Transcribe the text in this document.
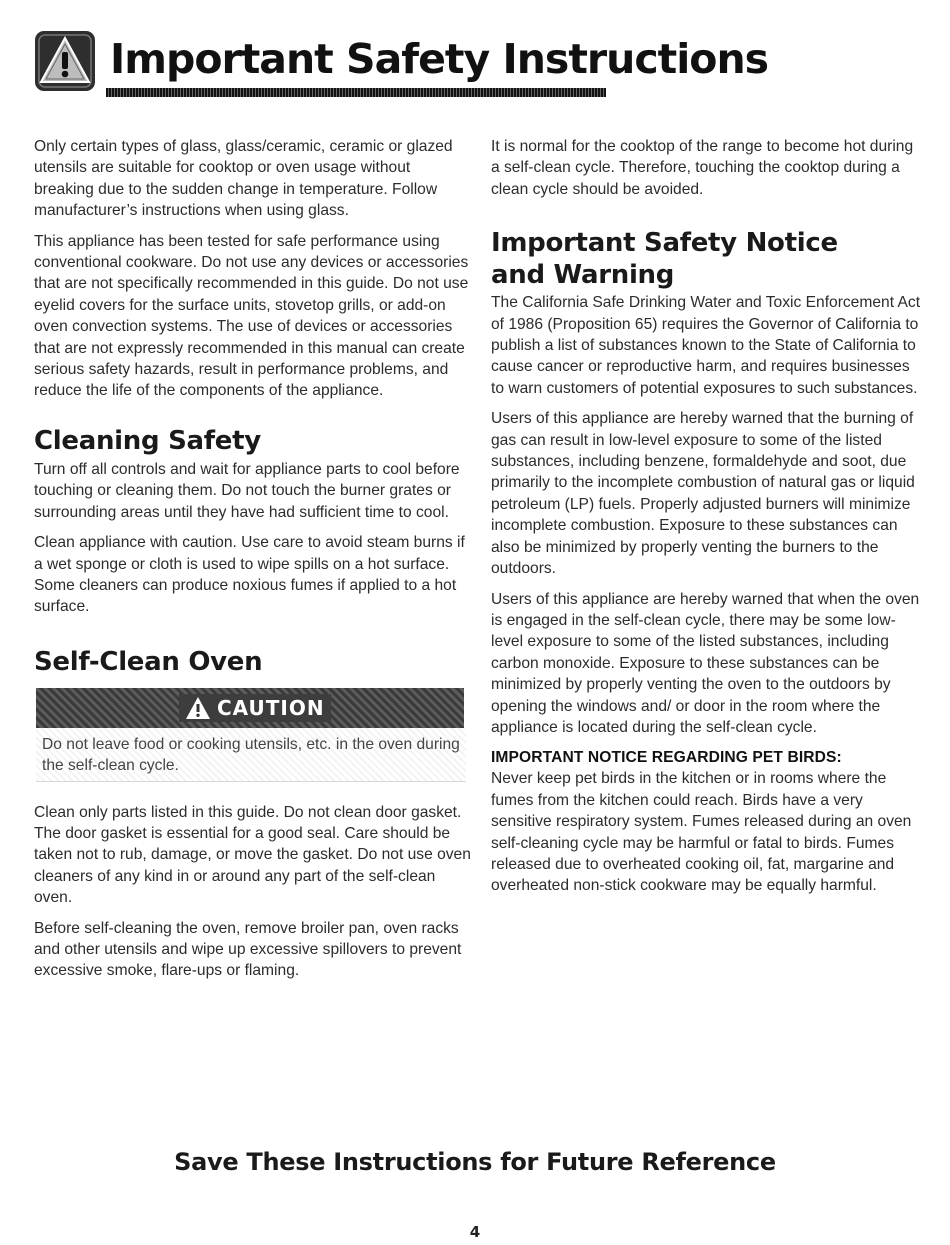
Important Safety Instructions

Only certain types of glass, glass/ceramic, ceramic or glazed utensils are suitable for cooktop or oven usage without breaking due to the sudden change in temperature. Follow manufacturer’s instructions when using glass.

This appliance has been tested for safe performance using conventional cookware. Do not use any devices or accessories that are not specifically recommended in this guide. Do not use eyelid covers for the surface units, stovetop grills, or add-on oven convection systems. The use of devices or accessories that are not expressly recommended in this manual can create serious safety hazards, result in performance problems, and reduce the life of the components of the appliance.

Cleaning Safety

Turn off all controls and wait for appliance parts to cool before touching or cleaning them. Do not touch the burner grates or surrounding areas until they have had sufficient time to cool.

Clean appliance with caution. Use care to avoid steam burns if a wet sponge or cloth is used to wipe spills on a hot surface. Some cleaners can produce noxious fumes if applied to a hot surface.

Self-Clean Oven
CAUTION

Do not leave food or cooking utensils, etc. in the oven during the self-clean cycle.

Clean only parts listed in this guide. Do not clean door gasket. The door gasket is essential for a good seal. Care should be taken not to rub, damage, or move the gasket. Do not use oven cleaners of any kind in or around any part of the self-clean oven.

Before self-cleaning the oven, remove broiler pan, oven racks and other utensils and wipe up excessive spillovers to prevent excessive smoke, flare-ups or flaming.

It is normal for the cooktop of the range to become hot during a self-clean cycle. Therefore, touching the cooktop during a clean cycle should be avoided.

Important Safety Notice
and Warning

The California Safe Drinking Water and Toxic Enforcement Act of 1986 (Proposition 65) requires the Governor of California to publish a list of substances known to the State of California to cause cancer or reproductive harm, and requires businesses to warn customers of potential exposures to such substances.

Users of this appliance are hereby warned that the burning of gas can result in low-level exposure to some of the listed substances, including benzene, formaldehyde and soot, due primarily to the incomplete combustion of natural gas or liquid petroleum (LP) fuels. Properly adjusted burners will minimize incomplete combustion. Exposure to these substances can also be minimized by properly venting the burners to the outdoors.

Users of this appliance are hereby warned that when the oven is engaged in the self-clean cycle, there may be some low-level exposure to some of the listed substances, including carbon monoxide. Exposure to these substances can be minimized by properly venting the oven to the outdoors by opening the windows and/ or door in the room where the appliance is located during the self-clean cycle.

IMPORTANT NOTICE REGARDING PET BIRDS:

Never keep pet birds in the kitchen or in rooms where the fumes from the kitchen could reach. Birds have a very sensitive respiratory system. Fumes released during an oven self-cleaning cycle may be harmful or fatal to birds. Fumes released due to overheated cooking oil, fat, margarine and overheated non-stick cookware may be equally harmful.

Save These Instructions for Future Reference
4
